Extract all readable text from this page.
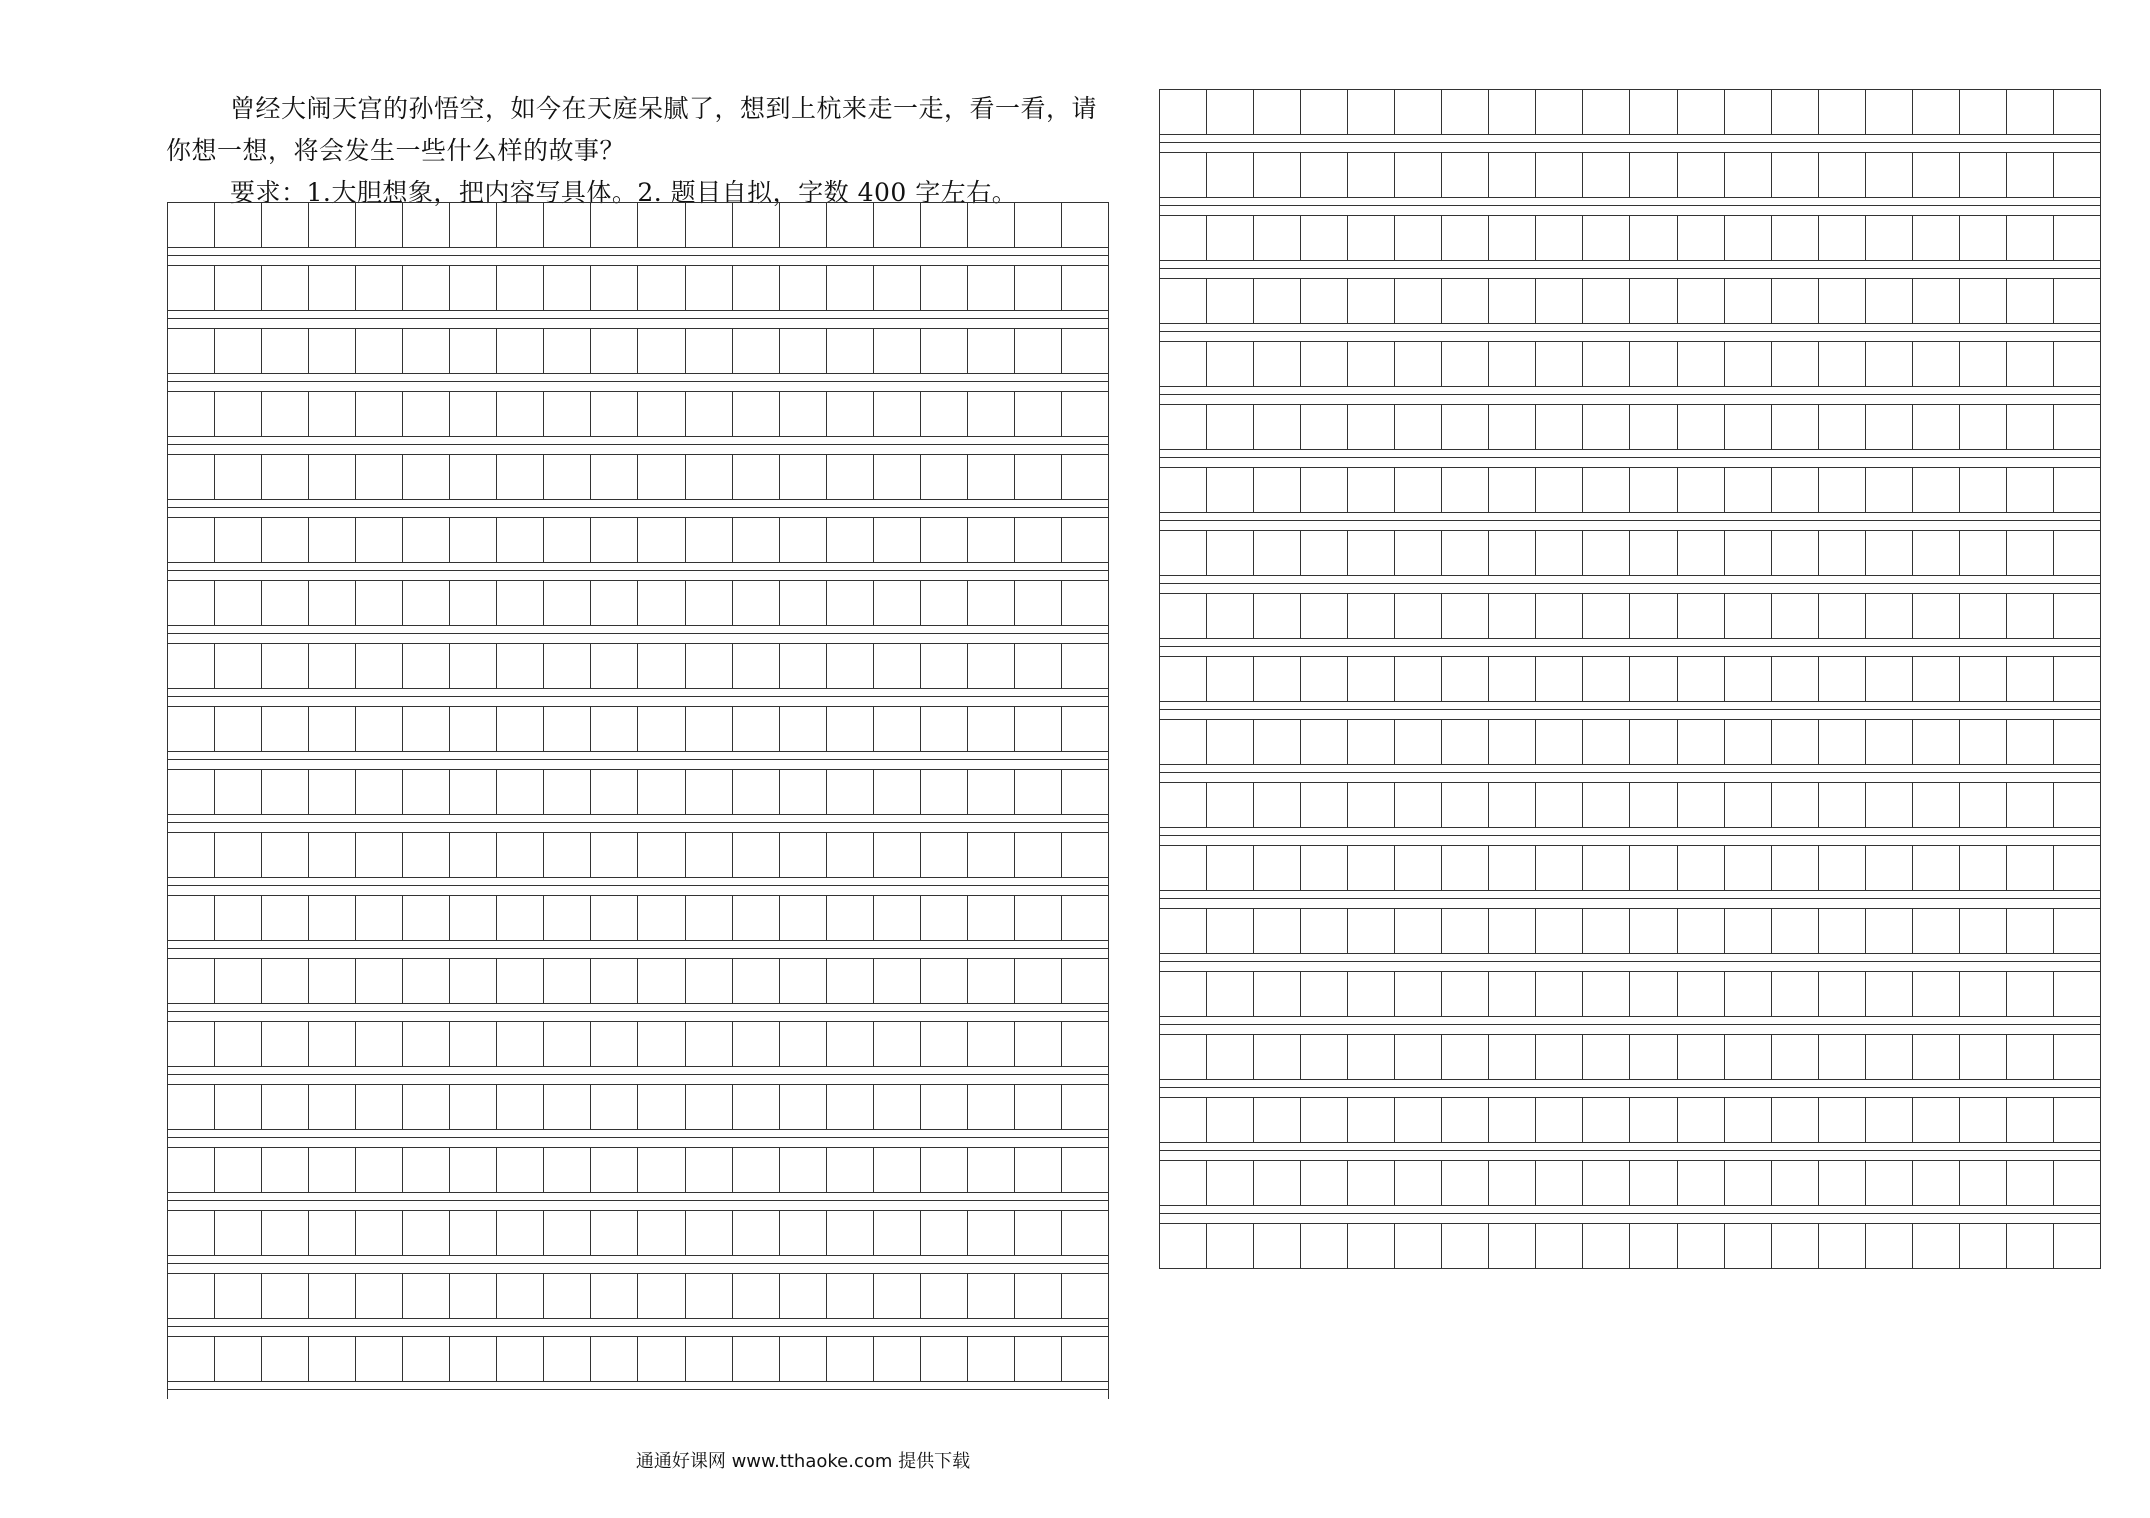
曾经大闹天宫的孙悟空，如今在天庭呆腻了，想到上杭来走一走，看一看，请
你想一想，将会发生一些什么样的故事？
要求：1.大胆想象，把内容写具体。2. 题目自拟，字数 400 字左右。
通通好课网 www.tthaoke.com 提供下载
